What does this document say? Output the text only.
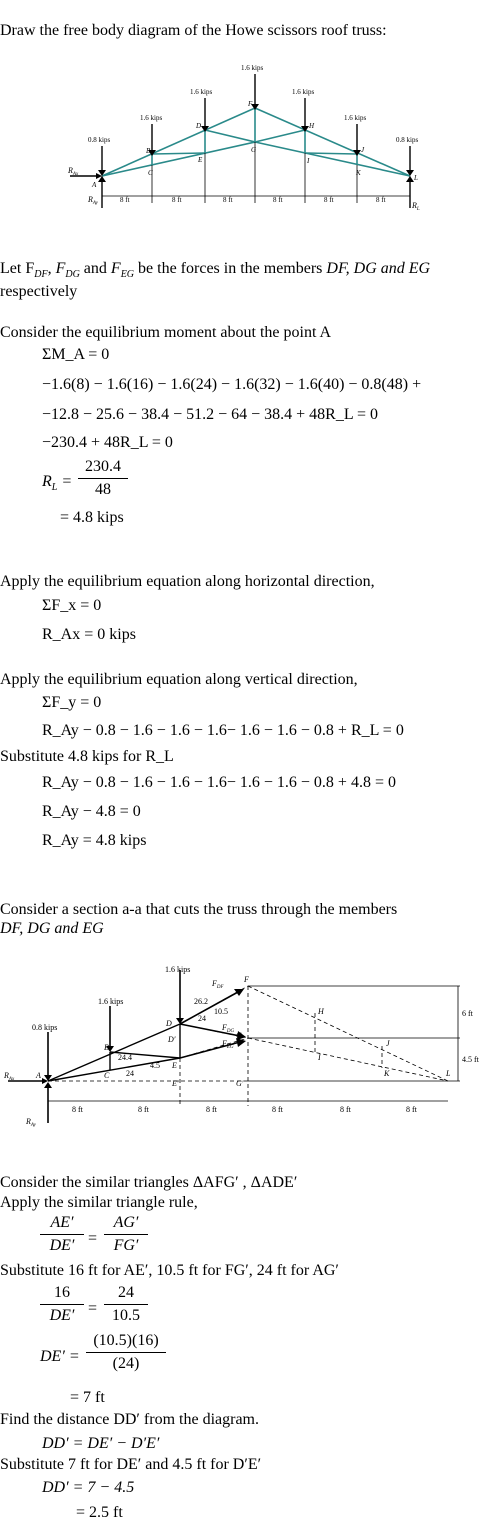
Draw the free body diagram of the Howe scissors roof truss:
1.6 kips
1.6 kips	1.6 kips
1.6 kips	1.6 kips
0.8 kips	0.8 kips
A
B
C
D
E
F
G
H
I
J
K
L
8 ft	8 ft	8 ft	8 ft	8 ft	8 ft
$R_{Ax}$
$R_{Ay}$	$R_L$
Let $F_{DF}$, $F_{DG}$ and $F_{EG}$ be the forces in the members DF, DG and EG
respectively
Consider the equilibrium moment about the point A
ΣM_A = 0
−1.6(8) − 1.6(16) − 1.6(24) − 1.6(32) − 1.6(40) − 0.8(48) +
−12.8 − 25.6 − 38.4 − 51.2 − 64 − 38.4 + 48R_L = 0
−230.4 + 48R_L = 0
$R_L$ =
230.4
48
= 4.8 kips
Apply the equilibrium equation along horizontal direction,
ΣF_x = 0
R_Ax = 0 kips
Apply the equilibrium equation along vertical direction,
ΣF_y = 0
R_Ay − 0.8 − 1.6 − 1.6 − 1.6− 1.6 − 1.6 − 0.8 + R_L = 0
Substitute 4.8 kips for R_L
R_Ay − 0.8 − 1.6 − 1.6 − 1.6− 1.6 − 1.6 − 0.8 + 4.8 = 0
R_Ay − 4.8 = 0
R_Ay = 4.8 kips
Consider a section a-a that cuts the truss through the members
DF, DG and EG
1.6 kips
1.6 kips
0.8 kips
26.2
10.5
24
24.4
4.5
24
6 ft
4.5 ft
8 ft	8 ft	8 ft	8 ft	8 ft	8 ft
$F_{DF}$
$F_{DG}$
$F_{EG}$
F
D
D′
E
E′
G
G′
B
C
A
H
I
J
K	L
$R_{Ax}$
$R_{Ay}$
Consider the similar triangles ΔAFG′ , ΔADE′
Apply the similar triangle rule,
AE′
DE′ =
AG′
FG′
Substitute 16 ft for AE′, 10.5 ft for FG′, 24 ft for AG′
16
DE′ =
24
10.5
DE′ =
(10.5)(16)
(24)
= 7 ft
Find the distance DD′ from the diagram.
DD′ = DE′ − D′E′
Substitute 7 ft for DE′ and 4.5 ft for D′E′
DD′ = 7 − 4.5
= 2.5 ft
